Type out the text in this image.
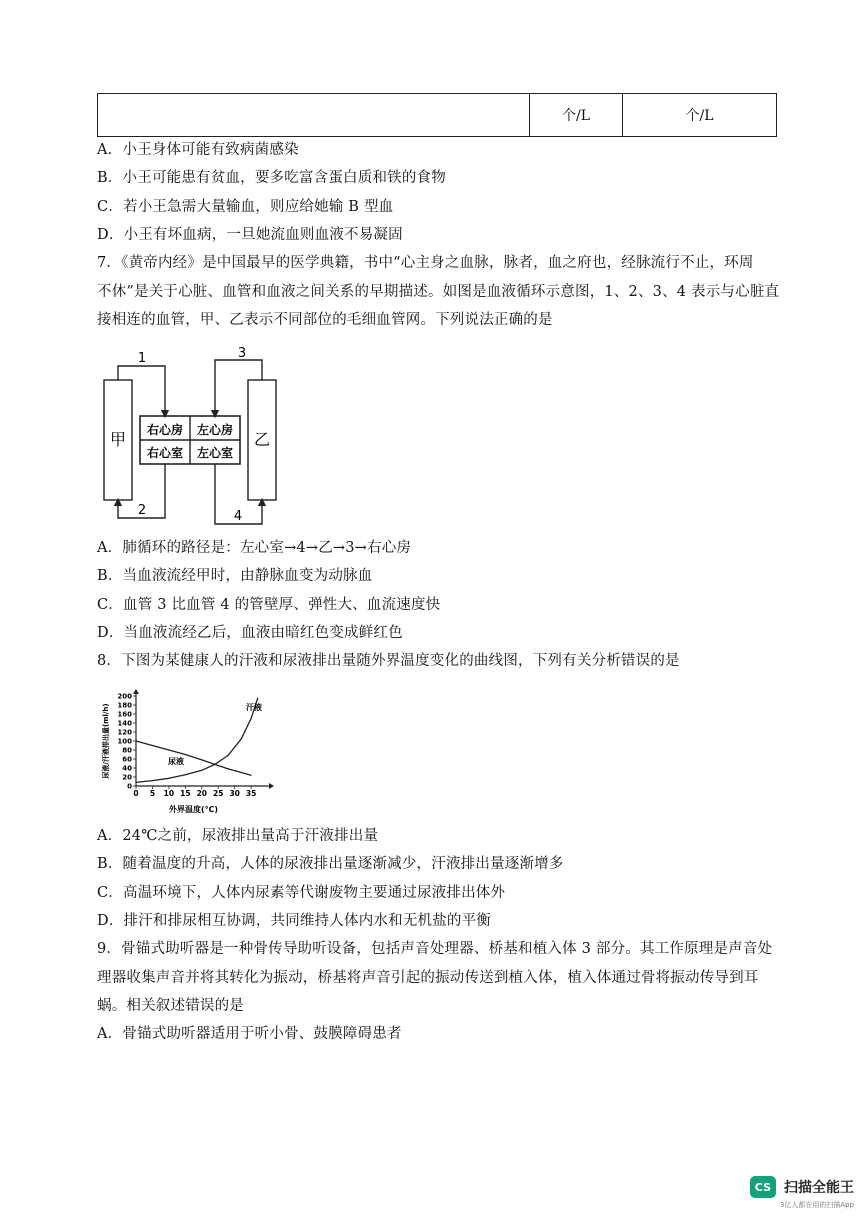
个/L	个/L
A．小王身体可能有致病菌感染
B．小王可能患有贫血，要多吃富含蛋白质和铁的食物
C．若小王急需大量输血，则应给她输 B 型血
D．小王有坏血病，一旦她流血则血液不易凝固
7．《黄帝内经》是中国最早的医学典籍，书中“心主身之血脉，脉者，血之府也，经脉流行不止，环周
不休”是关于心脏、血管和血液之间关系的早期描述。如图是血液循环示意图，1、2、3、4 表示与心脏直
接相连的血管，甲、乙表示不同部位的毛细血管网。下列说法正确的是
甲	乙
右心房 左心房
右心室 左心室
1	3
2	4
A．肺循环的路径是：左心室→4→乙→3→右心房
B．当血液流经甲时，由静脉血变为动脉血
C．血管 3 比血管 4 的管壁厚、弹性大、血流速度快
D．当血液流经乙后，血液由暗红色变成鲜红色
8．下图为某健康人的汗液和尿液排出量随外界温度变化的曲线图，下列有关分析错误的是
0
20
40
60
80
100
120
140
160
180
200
0 5 10 15 20 25 30 35
外界温度(℃)
尿液/汗液排出量(ml/h)	汗液
尿液
A．24℃之前，尿液排出量高于汗液排出量
B．随着温度的升高，人体的尿液排出量逐渐减少，汗液排出量逐渐增多
C．高温环境下，人体内尿素等代谢废物主要通过尿液排出体外
D．排汗和排尿相互协调，共同维持人体内水和无机盐的平衡
9．骨锚式助听器是一种骨传导助听设备，包括声音处理器、桥基和植入体 3 部分。其工作原理是声音处
理器收集声音并将其转化为振动，桥基将声音引起的振动传送到植入体，植入体通过骨将振动传导到耳
蜗。相关叙述错误的是
A．骨锚式助听器适用于听小骨、鼓膜障碍患者
CS 扫描全能王
3亿人都在用的扫描App
